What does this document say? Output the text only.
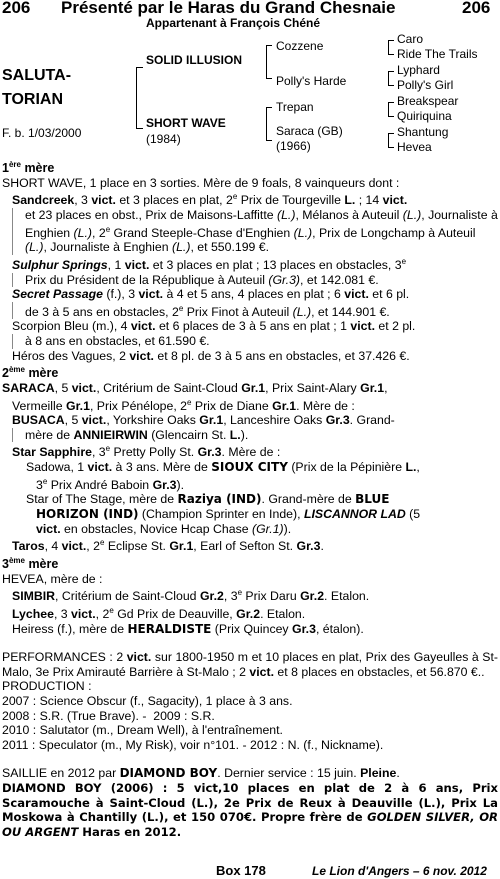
206 Présenté par le Haras du Grand Chesnaie	206
Appartenant à François Chéné
SALUTA-
TORIAN
F. b. 1/03/2000
SOLID ILLUSION
SHORT WAVE
(1984)
Cozzene
Polly's Harde
Trepan
Saraca (GB)
(1966)
Caro
Ride The Trails
Lyphard
Polly's Girl
Breakspear
Quiriquina
Shantung
Hevea

1ère mère

SHORT WAVE, 1 place en 3 sorties. Mère de 9 foals, 8 vainqueurs dont :

Sandcreek, 3 vict. et 3 places en plat, 2e Prix de Tourgeville L. ; 14 vict.

et 23 places en obst., Prix de Maisons-Laffitte (L.), Mélanos à Auteuil (L.), Journaliste à Enghien (L.), 2e Grand Steeple-Chase d'Enghien (L.), Prix de Longchamp à Auteuil (L.), Journaliste à Enghien (L.), et 550.199 €.

Sulphur Springs, 1 vict. et 3 places en plat ; 13 places en obstacles, 3e

Prix du Président de la République à Auteuil (Gr.3), et 142.081 €.

Secret Passage (f.), 3 vict. à 4 et 5 ans, 4 places en plat ; 6 vict. et 6 pl.

de 3 à 5 ans en obstacles, 2e Prix Finot à Auteuil (L.), et 144.901 €.

Scorpion Bleu (m.), 4 vict. et 6 places de 3 à 5 ans en plat ; 1 vict. et 2 pl.

à 8 ans en obstacles, et 61.590 €.

Héros des Vagues, 2 vict. et 8 pl. de 3 à 5 ans en obstacles, et 37.426 €.

2ème mère

SARACA, 5 vict., Critérium de Saint-Cloud Gr.1, Prix Saint-Alary Gr.1,

Vermeille Gr.1, Prix Pénélope, 2e Prix de Diane Gr.1. Mère de :

BUSACA, 5 vict., Yorkshire Oaks Gr.1, Lanceshire Oaks Gr.3. Grand-

mère de ANNIEIRWIN (Glencairn St. L.).

Star Sapphire, 3e Pretty Polly St. Gr.3. Mère de :

Sadowa, 1 vict. à 3 ans. Mère de SIOUX CITY (Prix de la Pépinière L.,

3e Prix André Baboin Gr.3).

Star of The Stage, mère de Raziya (IND). Grand-mère de BLUE

HORIZON (IND) (Champion Sprinter en Inde), LISCANNOR LAD (5

vict. en obstacles, Novice Hcap Chase (Gr.1)).

Taros, 4 vict., 2e Eclipse St. Gr.1, Earl of Sefton St. Gr.3.

3ème mère

HEVEA, mère de :

SIMBIR, Critérium de Saint-Cloud Gr.2, 3e Prix Daru Gr.2. Etalon.

Lychee, 3 vict., 2e Gd Prix de Deauville, Gr.2. Etalon.

Heiress (f.), mère de HERALDISTE (Prix Quincey Gr.3, étalon).

PERFORMANCES : 2 vict. sur 1800-1950 m et 10 places en plat, Prix des Gayeulles à St-Malo, 3e Prix Amirauté Barrière à St-Malo ; 2 vict. et 8 places en obstacles, et 56.870 €..

PRODUCTION :

2007 : Science Obscur (f., Sagacity), 1 place à 3 ans.

2008 : S.R. (True Brave). -  2009 : S.R.

2010 : Salutator (m., Dream Well), à l'entraînement.

2011 : Speculator (m., My Risk), voir n°101. - 2012 : N. (f., Nickname).

SAILLIE en 2012 par DIAMOND BOY. Dernier service : 15 juin. Pleine.

DIAMOND BOY (2006) : 5 vict,10 places en plat de 2 à 6 ans, Prix Scaramouche à Saint-Cloud (L.), 2e Prix de Reux à Deauville (L.), Prix La Moskowa à Chantilly (L.), et 150 070€. Propre frère de GOLDEN SILVER, OR OU ARGENT Haras en 2012.

Box 178	Le Lion d'Angers – 6 nov. 2012
